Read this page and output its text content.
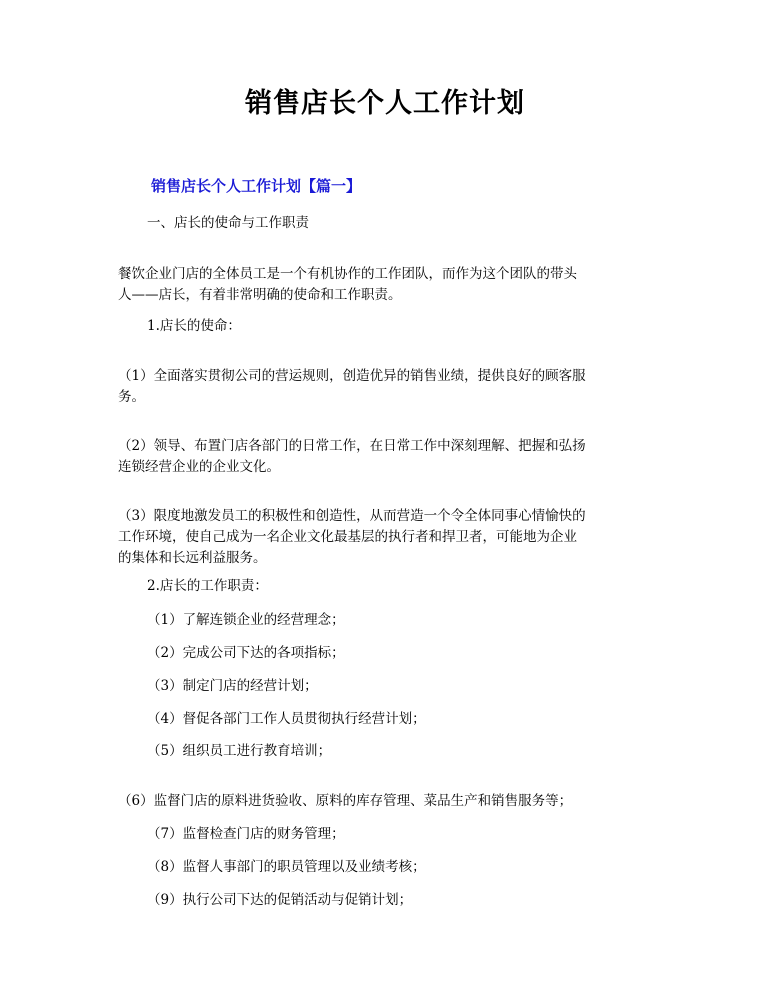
销售店长个人工作计划
销售店长个人工作计划【篇一】

一、店长的使命与工作职责

餐饮企业门店的全体员工是一个有机协作的工作团队，而作为这个团队的带头
人——店长，有着非常明确的使命和工作职责。

1.店长的使命：

（1）全面落实贯彻公司的营运规则，创造优异的销售业绩，提供良好的顾客服
务。

（2）领导、布置门店各部门的日常工作，在日常工作中深刻理解、把握和弘扬
连锁经营企业的企业文化。

（3）限度地激发员工的积极性和创造性，从而营造一个令全体同事心情愉快的
工作环境，使自己成为一名企业文化最基层的执行者和捍卫者，可能地为企业
的集体和长远利益服务。

2.店长的工作职责：

（1）了解连锁企业的经营理念；

（2）完成公司下达的各项指标；

（3）制定门店的经营计划；

（4）督促各部门工作人员贯彻执行经营计划；

（5）组织员工进行教育培训；

（6）监督门店的原料进货验收、原料的库存管理、菜品生产和销售服务等；

（7）监督检查门店的财务管理；

（8）监督人事部门的职员管理以及业绩考核；

（9）执行公司下达的促销活动与促销计划；
